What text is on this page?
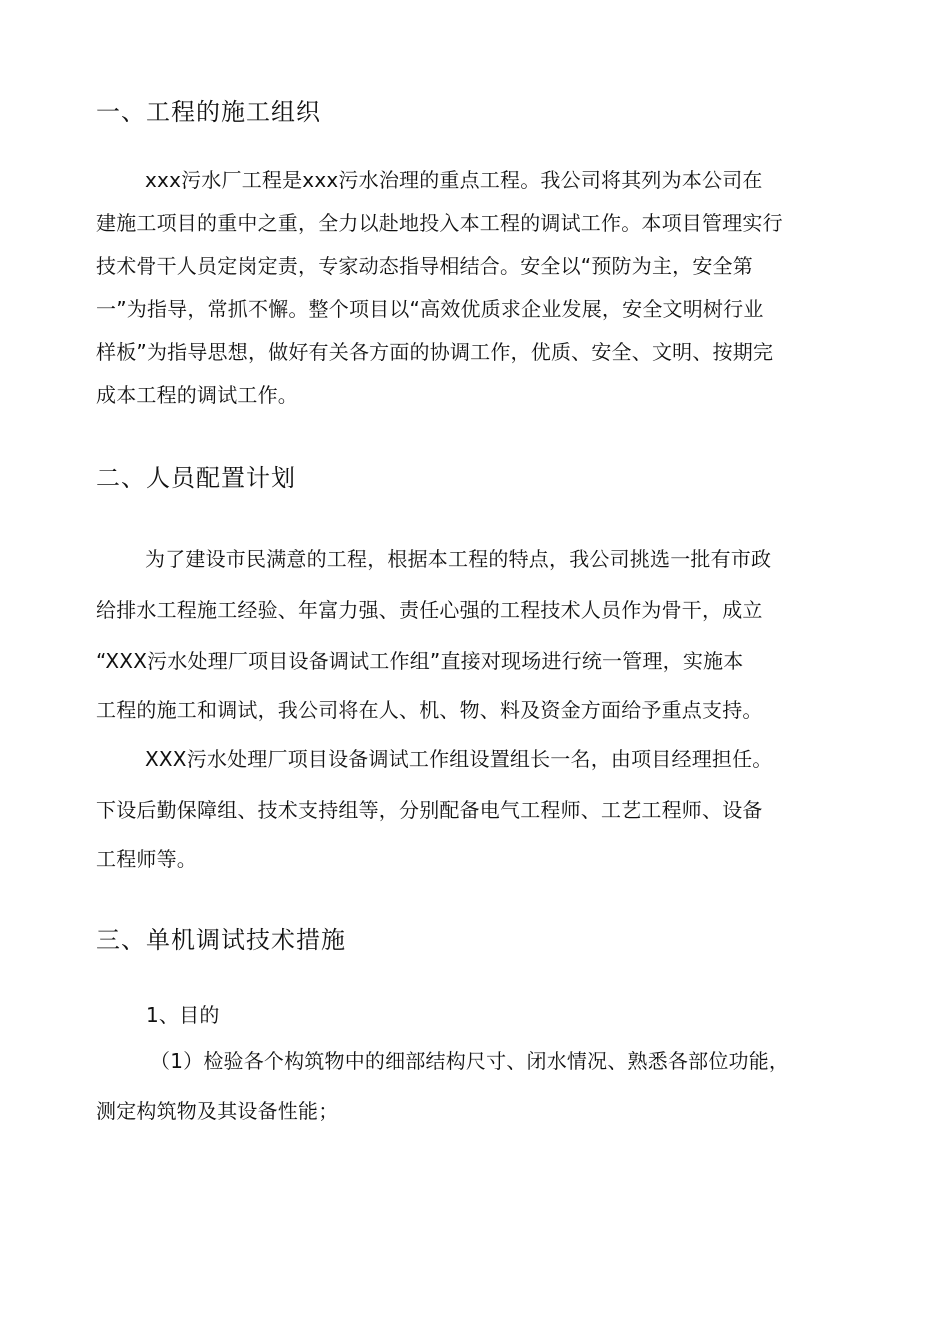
一、工程的施工组织

xxx污水厂工程是xxx污水治理的重点工程。我公司将其列为本公司在

建施工项目的重中之重，全力以赴地投入本工程的调试工作。本项目管理实行

技术骨干人员定岗定责，专家动态指导相结合。安全以“预防为主，安全第

一”为指导，常抓不懈。整个项目以“高效优质求企业发展，安全文明树行业

样板”为指导思想，做好有关各方面的协调工作，优质、安全、文明、按期完

成本工程的调试工作。

二、人员配置计划

为了建设市民满意的工程，根据本工程的特点，我公司挑选一批有市政

给排水工程施工经验、年富力强、责任心强的工程技术人员作为骨干，成立

“XXX污水处理厂项目设备调试工作组”直接对现场进行统一管理，实施本

工程的施工和调试，我公司将在人、机、物、料及资金方面给予重点支持。

XXX污水处理厂项目设备调试工作组设置组长一名，由项目经理担任。

下设后勤保障组、技术支持组等，分别配备电气工程师、工艺工程师、设备

工程师等。

三、单机调试技术措施

1、目的

（1）检验各个构筑物中的细部结构尺寸、闭水情况、熟悉各部位功能，

测定构筑物及其设备性能；
